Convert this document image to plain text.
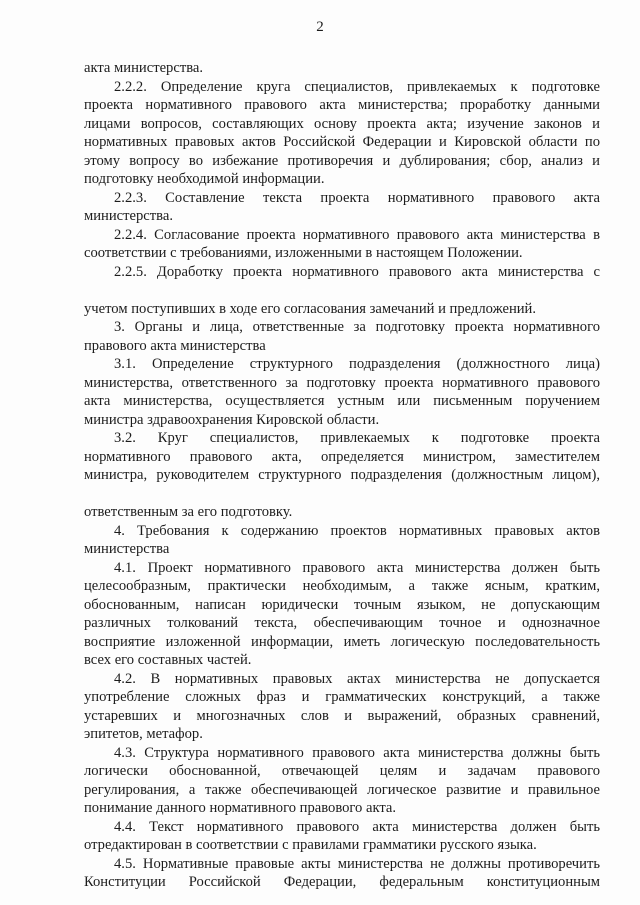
2
акта министерства.
2.2.2. Определение круга специалистов, привлекаемых к подготовке
проекта нормативного правового акта министерства; проработку данными
лицами вопросов, составляющих основу проекта акта; изучение законов и
нормативных правовых актов Российской Федерации и Кировской области по
этому вопросу во избежание противоречия и дублирования; сбор, анализ и
подготовку необходимой информации.
2.2.3. Составление текста проекта нормативного правового акта
министерства.
2.2.4. Согласование проекта нормативного правового акта министерства в
соответствии с требованиями, изложенными в настоящем Положении.
2.2.5. Доработку проекта нормативного правового акта министерства с
учетом поступивших в ходе его согласования замечаний и предложений.
3. Органы и лица, ответственные за подготовку проекта нормативного
правового акта министерства
3.1. Определение структурного подразделения (должностного лица)
министерства, ответственного за подготовку проекта нормативного правового
акта министерства, осуществляется устным или письменным поручением
министра здравоохранения Кировской области.
3.2. Круг специалистов, привлекаемых к подготовке проекта
нормативного правового акта, определяется министром, заместителем
министра, руководителем структурного подразделения (должностным лицом),
ответственным за его подготовку.
4. Требования к содержанию проектов нормативных правовых актов
министерства
4.1. Проект нормативного правового акта министерства должен быть
целесообразным, практически необходимым, а также ясным, кратким,
обоснованным, написан юридически точным языком, не допускающим
различных толкований текста, обеспечивающим точное и однозначное
восприятие изложенной информации, иметь логическую последовательность
всех его составных частей.
4.2. В нормативных правовых актах министерства не допускается
употребление сложных фраз и грамматических конструкций, а также
устаревших и многозначных слов и выражений, образных сравнений,
эпитетов, метафор.
4.3. Структура нормативного правового акта министерства должны быть
логически обоснованной, отвечающей целям и задачам правового
регулирования, а также обеспечивающей логическое развитие и правильное
понимание данного нормативного правового акта.
4.4. Текст нормативного правового акта министерства должен быть
отредактирован в соответствии с правилами грамматики русского языка.
4.5. Нормативные правовые акты министерства не должны противоречить
Конституции Российской Федерации, федеральным конституционным
